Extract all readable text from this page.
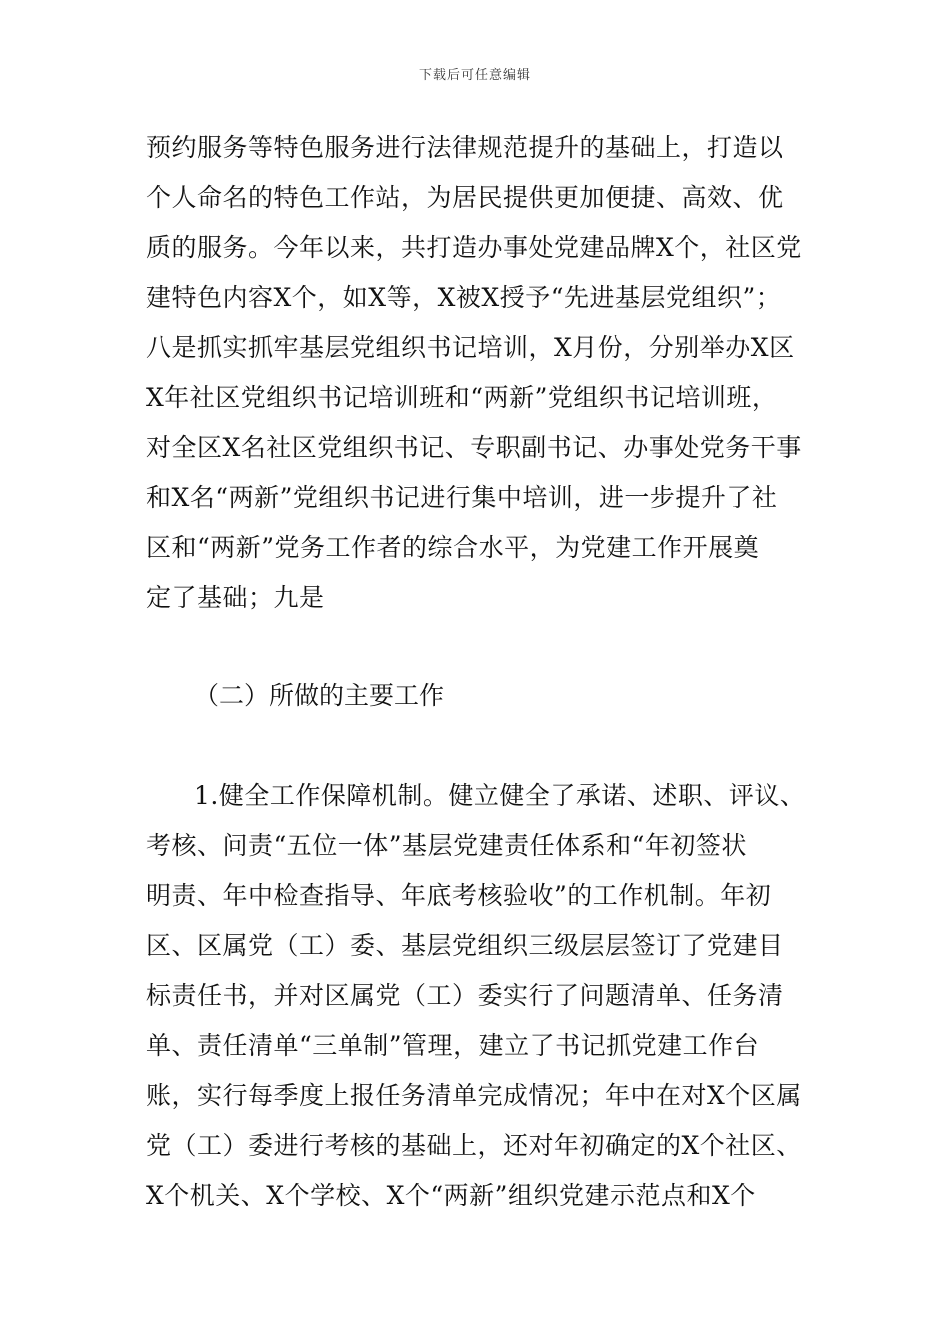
下载后可任意编辑
预约服务等特色服务进行法律规范提升的基础上，打造以
个人命名的特色工作站，为居民提供更加便捷、高效、优
质的服务。今年以来，共打造办事处党建品牌X个，社区党
建特色内容X个，如X等，X被X授予“先进基层党组织”；
八是抓实抓牢基层党组织书记培训，X月份，分别举办X区
X年社区党组织书记培训班和“两新”党组织书记培训班，
对全区X名社区党组织书记、专职副书记、办事处党务干事
和X名“两新”党组织书记进行集中培训，进一步提升了社
区和“两新”党务工作者的综合水平，为党建工作开展奠
定了基础；九是
（二）所做的主要工作
1.健全工作保障机制。健立健全了承诺、述职、评议、
考核、问责“五位一体”基层党建责任体系和“年初签状
明责、年中检查指导、年底考核验收”的工作机制。年初
区、区属党（工）委、基层党组织三级层层签订了党建目
标责任书，并对区属党（工）委实行了问题清单、任务清
单、责任清单“三单制”管理，建立了书记抓党建工作台
账，实行每季度上报任务清单完成情况；年中在对X个区属
党（工）委进行考核的基础上，还对年初确定的X个社区、
X个机关、X个学校、X个“两新”组织党建示范点和X个
